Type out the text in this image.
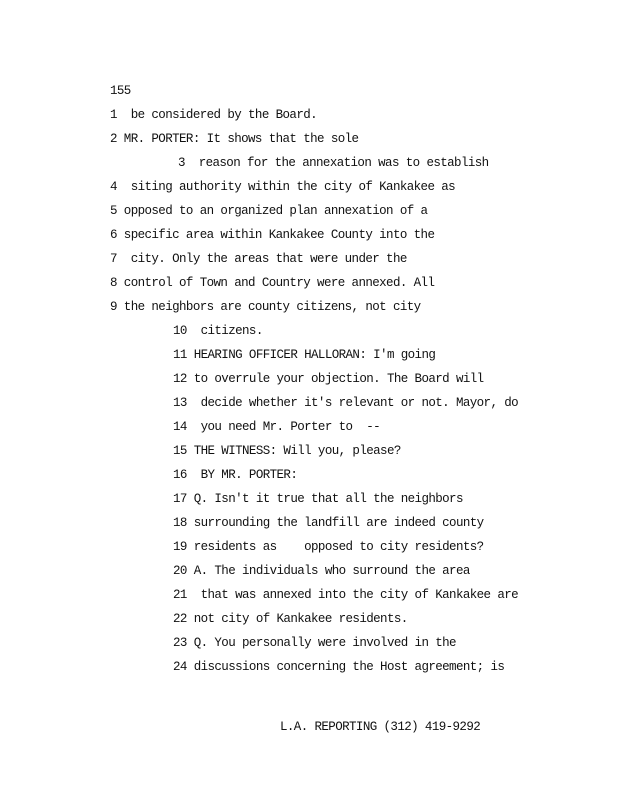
155
1  be considered by the Board.
2 MR. PORTER: It shows that the sole
3  reason for the annexation was to establish
4  siting authority within the city of Kankakee as
5 opposed to an organized plan annexation of a
6 specific area within Kankakee County into the
7  city. Only the areas that were under the
8 control of Town and Country were annexed. All
9 the neighbors are county citizens, not city
10  citizens.
11 HEARING OFFICER HALLORAN: I'm going
12 to overrule your objection. The Board will
13  decide whether it's relevant or not. Mayor, do
14  you need Mr. Porter to  --
15 THE WITNESS: Will you, please?
16  BY MR. PORTER:
17 Q. Isn't it true that all the neighbors
18 surrounding the landfill are indeed county
19 residents as    opposed to city residents?
20 A. The individuals who surround the area
21  that was annexed into the city of Kankakee are
22 not city of Kankakee residents.
23 Q. You personally were involved in the
24 discussions concerning the Host agreement; is
L.A. REPORTING (312) 419-9292
